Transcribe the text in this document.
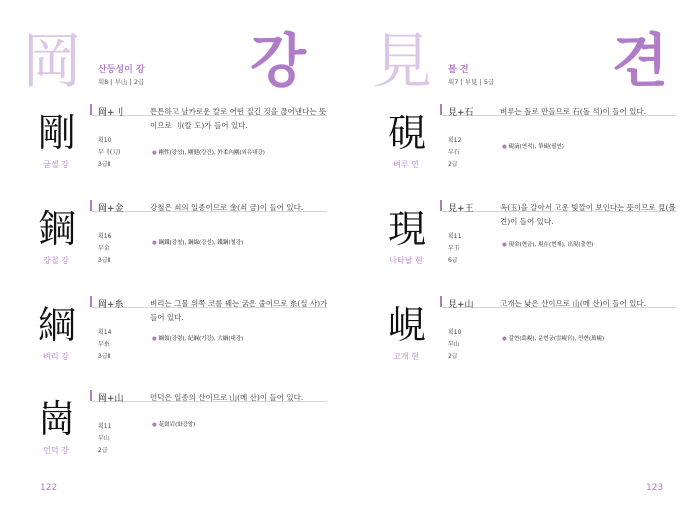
岡 산등성이 강
획8 | 부山 | 2급 강
剛
굳셀 강
岡+刂
획10
부刂(刀)
3급Ⅱ

튼튼하고 날카로운 칼로 어떤 질긴 것을 끊어낸다는 뜻이므로 刂(칼 도)가 들어 있다.

● 剛性(강성), 剛健(강건), 外柔內剛(외유내강)
鋼
강철 강
岡+金
획16
부金
3급Ⅱ

강철은 쇠의 일종이므로 金(쇠 금)이 들어 있다.

● 鋼鐵(강철), 鋼線(강선), 鐵鋼(철강)
綱
벼리 강
岡+糸
획14
부糸
3급Ⅱ

벼리는 그물 위쪽 코를 꿰는 굵은 줄이므로 糸(실 사)가 들어 있다.

● 綱領(강령), 紀綱(기강), 大綱(대강)
崗
언덕 강
岡+山
획11
부山
2급

언덕은 일종의 산이므로 山(메 산)이 들어 있다.

● 花崗岩(화강암)
122
見 볼 견
획7 | 부見 | 5급 견
硯
벼루 연
見+石
획12
부石
2급

벼루는 돌로 만들므로 石(돌 석)이 들어 있다.

● 硯滴(연적), 筆硯(필연)
現
나타날 현
見+王
획11
부玉
6급

옥(玉)을 갈아서 고운 빛깔이 보인다는 뜻이므로 見(볼 견)이 들어 있다.

● 現金(현금), 現在(현재), 出現(출현)
峴
고개 현
見+山
획10
부山
2급

고개는 낮은 산이므로 山(메 산)이 들어 있다.

● 갈현(葛峴), 운현궁(雲峴宮), 만현(萬峴)
123
